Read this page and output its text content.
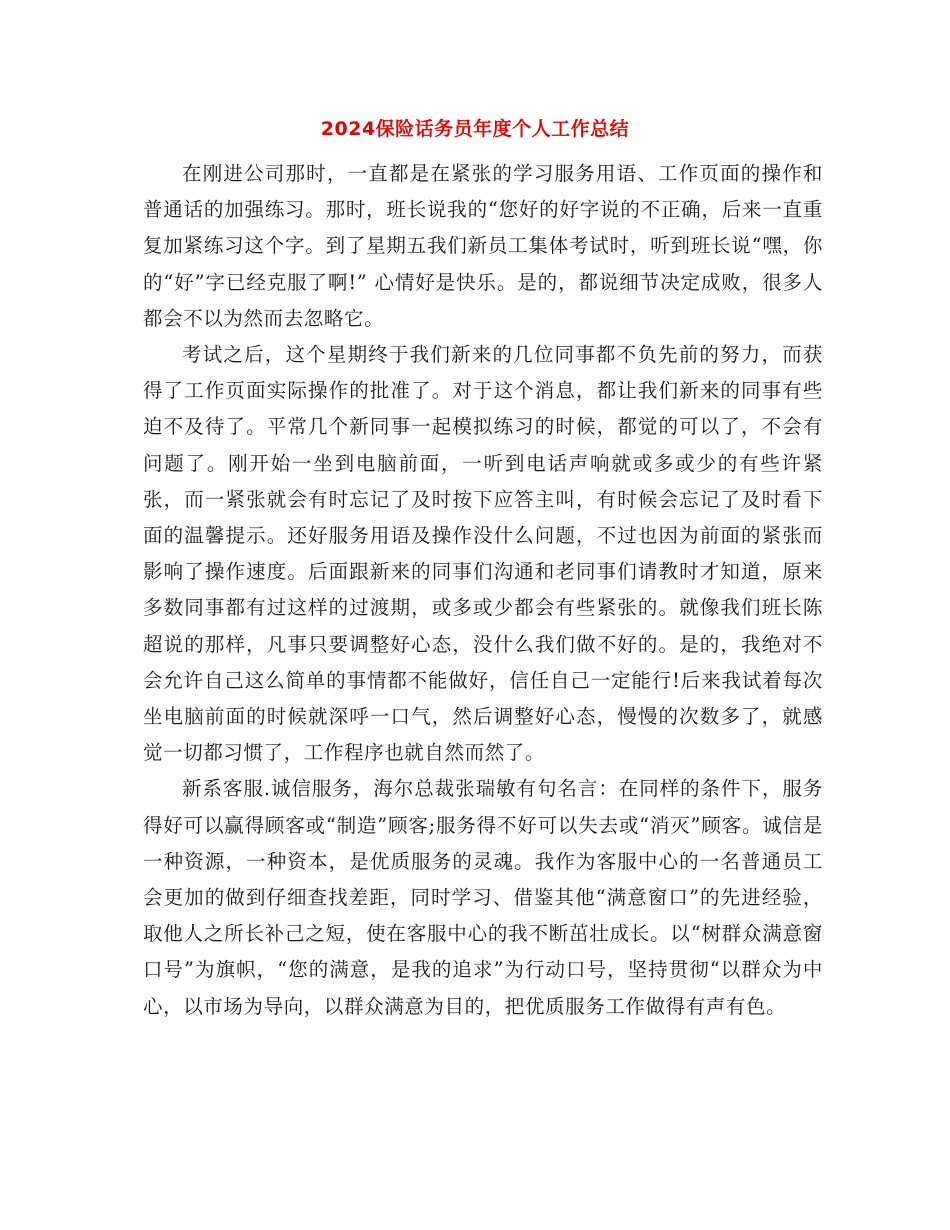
2024保险话务员年度个人工作总结

在刚进公司那时，一直都是在紧张的学习服务用语、工作页面的操作和普通话的加强练习。那时，班长说我的“您好的好字说的不正确，后来一直重复加紧练习这个字。到了星期五我们新员工集体考试时，听到班长说“嘿，你的“好”字已经克服了啊!” 心情好是快乐。是的，都说细节决定成败，很多人都会不以为然而去忽略它。

考试之后，这个星期终于我们新来的几位同事都不负先前的努力，而获得了工作页面实际操作的批准了。对于这个消息，都让我们新来的同事有些迫不及待了。平常几个新同事一起模拟练习的时候，都觉的可以了，不会有问题了。刚开始一坐到电脑前面，一听到电话声响就或多或少的有些许紧张，而一紧张就会有时忘记了及时按下应答主叫，有时候会忘记了及时看下面的温馨提示。还好服务用语及操作没什么问题，不过也因为前面的紧张而影响了操作速度。后面跟新来的同事们沟通和老同事们请教时才知道，原来多数同事都有过这样的过渡期，或多或少都会有些紧张的。就像我们班长陈超说的那样，凡事只要调整好心态，没什么我们做不好的。是的，我绝对不会允许自己这么简单的事情都不能做好，信任自己一定能行!后来我试着每次坐电脑前面的时候就深呼一口气，然后调整好心态，慢慢的次数多了，就感觉一切都习惯了，工作程序也就自然而然了。

新系客服.诚信服务，海尔总裁张瑞敏有句名言：在同样的条件下，服务得好可以赢得顾客或“制造”顾客;服务得不好可以失去或“消灭”顾客。诚信是一种资源，一种资本，是优质服务的灵魂。我作为客服中心的一名普通员工会更加的做到仔细查找差距，同时学习、借鉴其他“满意窗口”的先进经验，取他人之所长补己之短，使在客服中心的我不断茁壮成长。以“树群众满意窗口号”为旗帜，“您的满意，是我的追求”为行动口号，坚持贯彻“以群众为中心，以市场为导向，以群众满意为目的，把优质服务工作做得有声有色。
